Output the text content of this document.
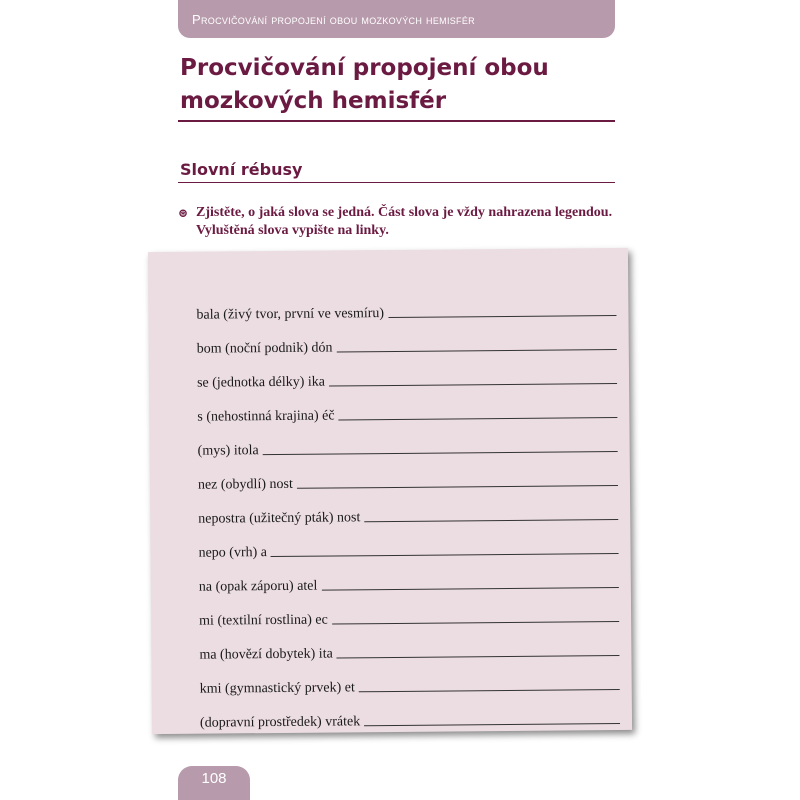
Procvičování propojení obou mozkových hemisfér
Procvičování propojení obou mozkových hemisfér
Slovní rébusy
⊛ Zjistěte, o jaká slova se jedná. Část slova je vždy nahrazena legendou. Vyluštěná slova vypište na linky.
bala (živý tvor, první ve vesmíru)
bom (noční podnik) dón
se (jednotka délky) ika
s (nehostinná krajina) éč
(mys) itola
nez (obydlí) nost
nepostra (užitečný pták) nost
nepo (vrh) a
na (opak záporu) atel
mi (textilní rostlina) ec
ma (hovězí dobytek) ita
kmi (gymnastický prvek) et
(dopravní prostředek) vrátek
108
